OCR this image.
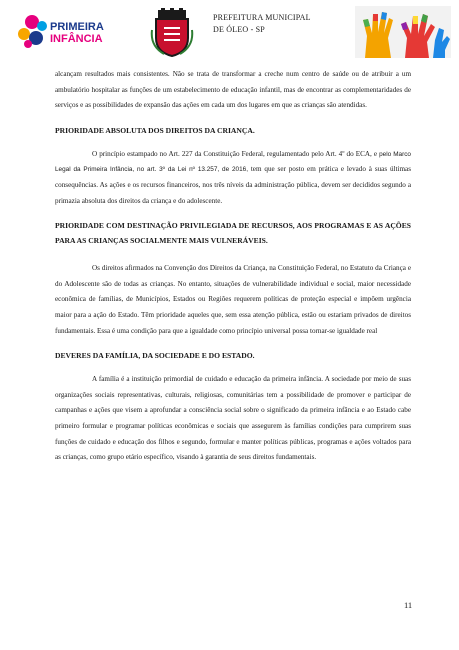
PRIMEIRA
INFÂNCIA
PREFEITURA MUNICIPAL
DE ÓLEO - SP

alcançam resultados mais consistentes. Não se trata de transformar a creche num centro de saúde ou de atribuir a um ambulatório hospitalar as funções de um estabelecimento de educação infantil, mas de encontrar as complementaridades de serviços e as possibilidades de expansão das ações em cada um dos lugares em que as crianças são atendidas.

PRIORIDADE ABSOLUTA DOS DIREITOS DA CRIANÇA.

O princípio estampado no Art. 227 da Constituição Federal, regulamentado pelo Art. 4º do ECA, e pelo Marco Legal da Primeira Infância, no art. 3º da Lei nº 13.257, de 2016, tem que ser posto em prática e levado à suas últimas consequências. As ações e os recursos financeiros, nos três níveis da administração pública, devem ser decididos segundo a primazia absoluta dos direitos da criança e do adolescente.

PRIORIDADE COM DESTINAÇÃO PRIVILEGIADA DE RECURSOS, AOS PROGRAMAS E AS AÇÕES PARA AS CRIANÇAS SOCIALMENTE MAIS VULNERÁVEIS.

Os direitos afirmados na Convenção dos Direitos da Criança, na Constituição Federal, no Estatuto da Criança e do Adolescente são de todas as crianças. No entanto, situações de vulnerabilidade individual e social, maior necessidade econômica de famílias, de Municípios, Estados ou Regiões requerem políticas de proteção especial e impõem urgência maior para a ação do Estado. Têm prioridade aqueles que, sem essa atenção pública, estão ou estariam privados de direitos fundamentais. Essa é uma condição para que a igualdade como princípio universal possa tornar-se igualdade real

DEVERES DA FAMÍLIA, DA SOCIEDADE E DO ESTADO.

A família é a instituição primordial de cuidado e educação da primeira infância. A sociedade por meio de suas organizações sociais representativas, culturais, religiosas, comunitárias tem a possibilidade de promover e participar de campanhas e ações que visem a aprofundar a consciência social sobre o significado da primeira infância e ao Estado cabe primeiro formular e programar políticas econômicas e sociais que assegurem às famílias condições para cumprirem suas funções de cuidado e educação dos filhos e segundo, formular e manter políticas públicas, programas e ações voltados para as crianças, como grupo etário específico, visando à garantia de seus direitos fundamentais.

11
